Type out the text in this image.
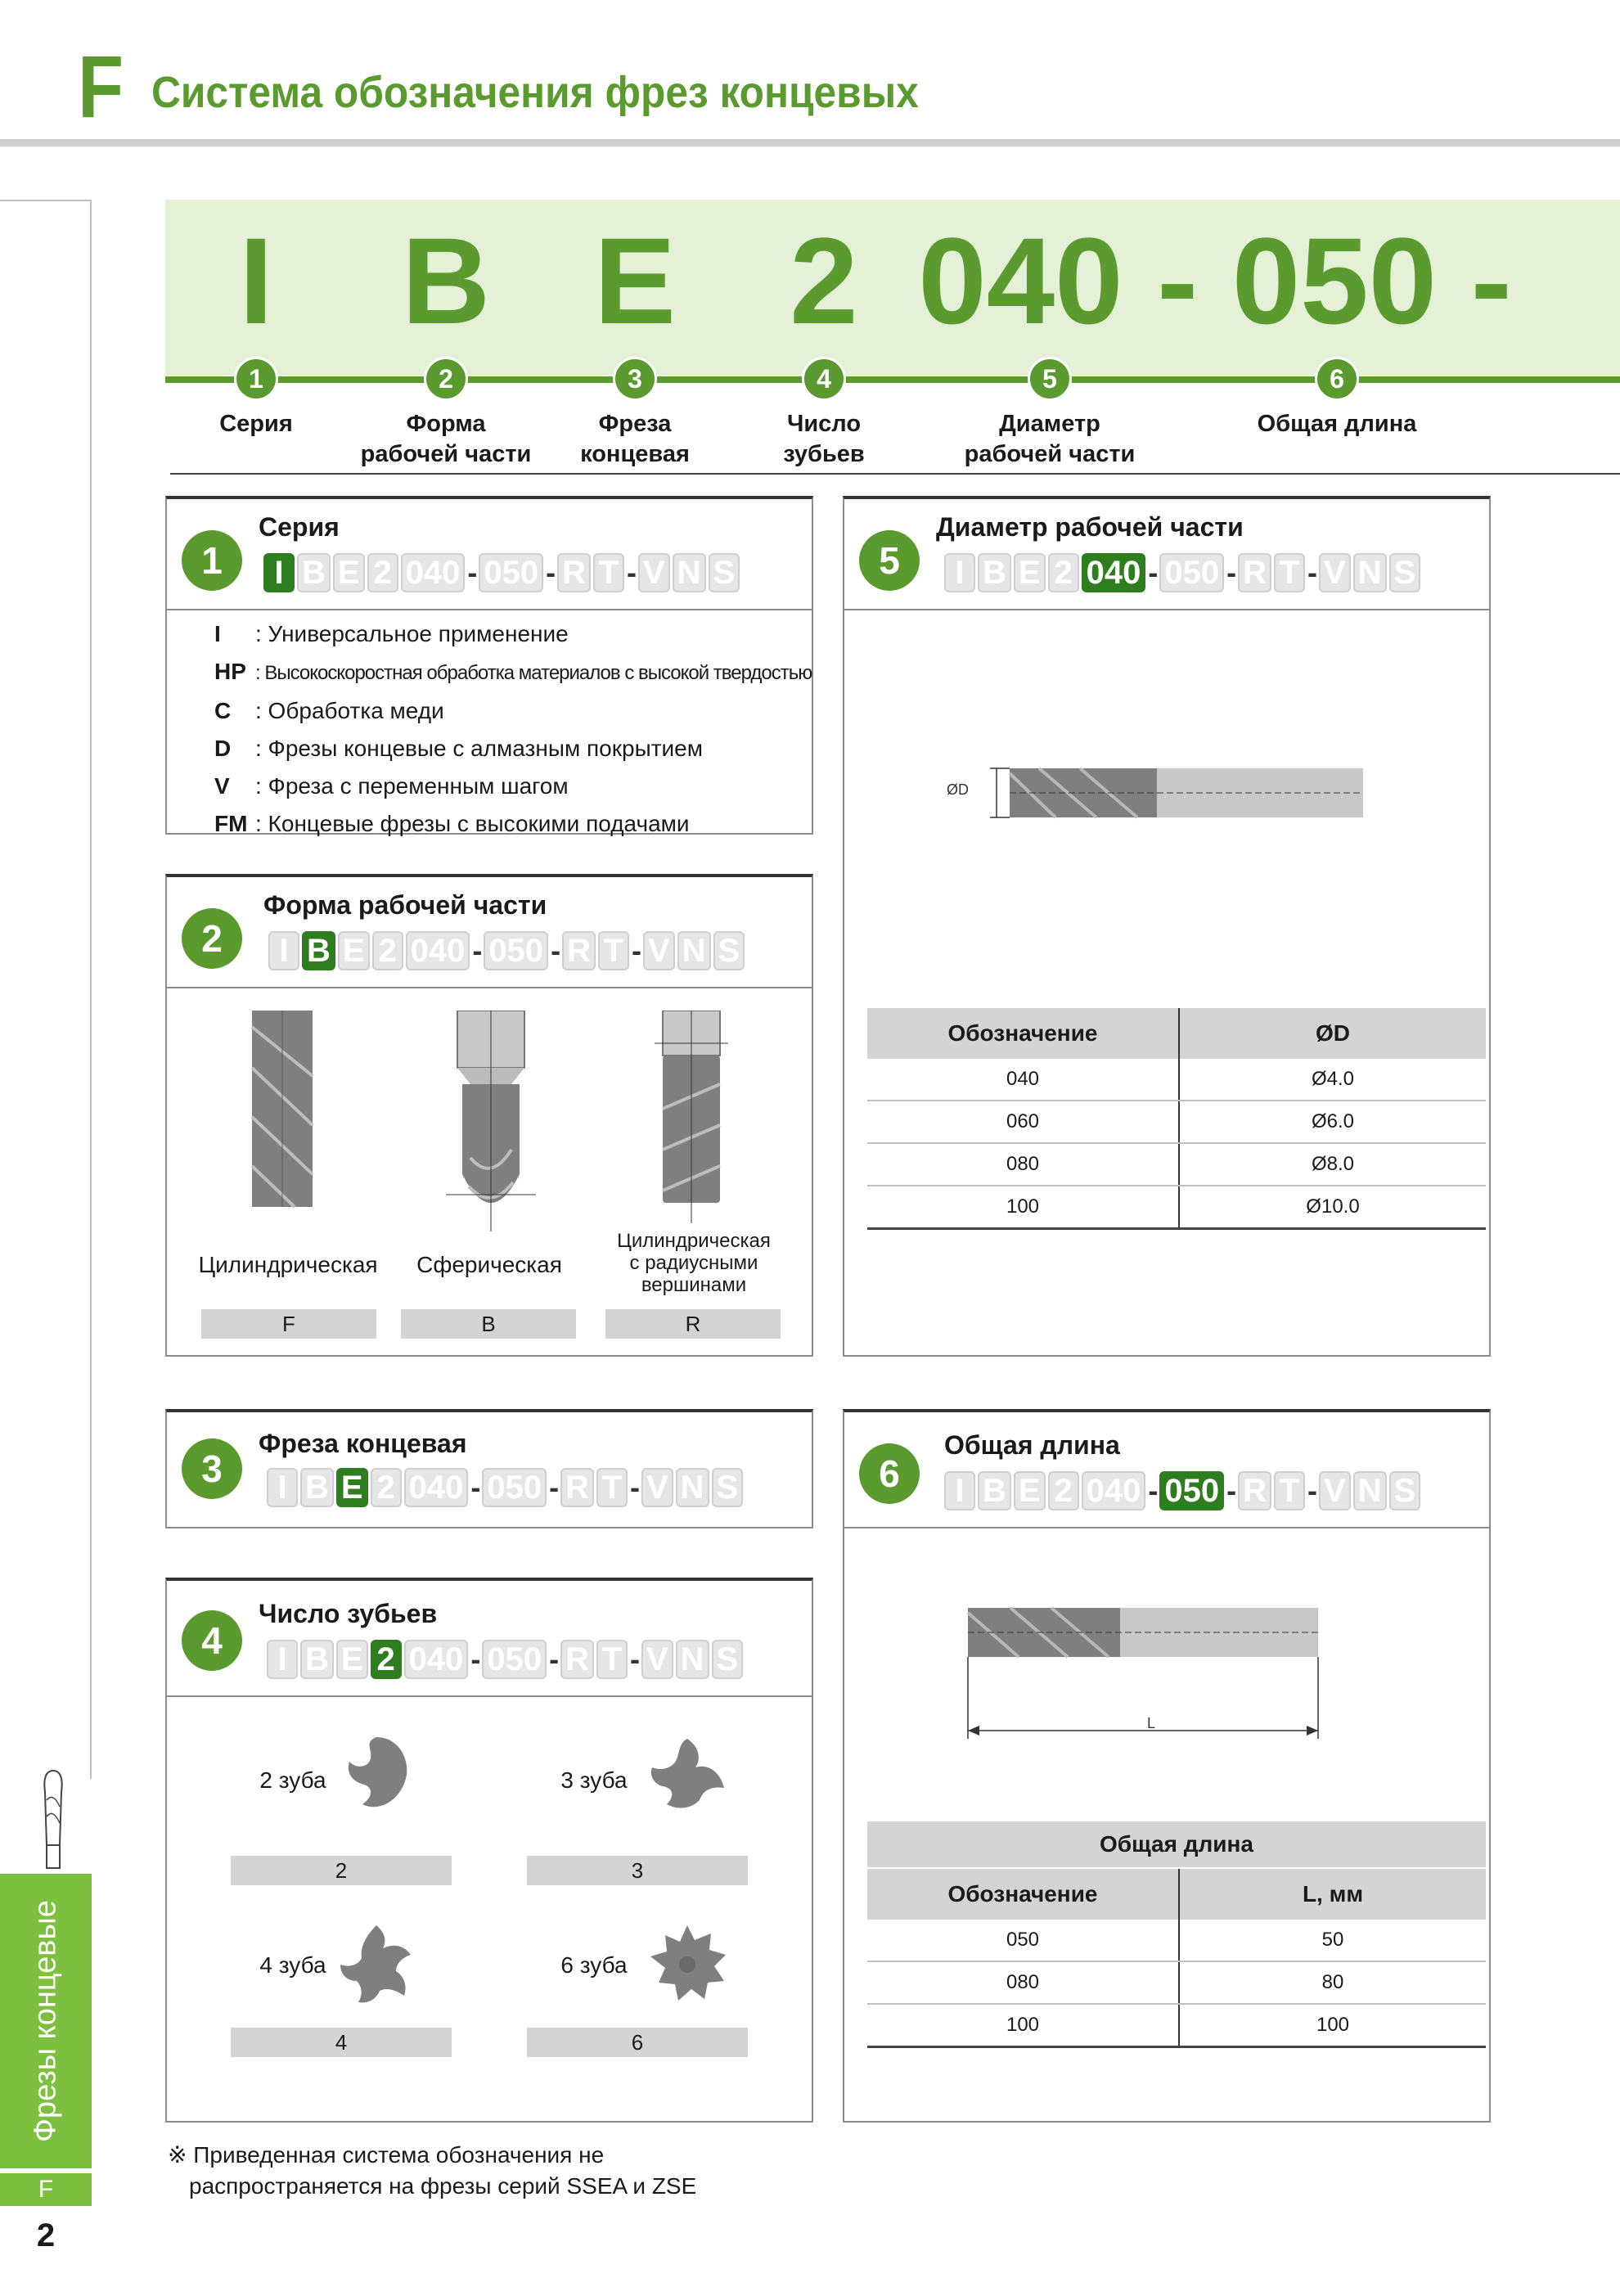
F Система обозначения фрез концевых
Фрезы концевые
F
2
I B E 2 040 - 050 -
1	2	3	4	5	6
Серия	Форма
рабочей части
Фреза
концевая
Число
зубьев
Диаметр
рабочей части
Общая длина
1
Серия
I B E 2 040 - 050 - R T - V N S
I : Универсальное применение
HP : Высокоскоростная обработка материалов с высокой твердостью
C : Обработка меди
D : Фрезы концевые с алмазным покрытием
V : Фреза с переменным шагом
FM : Концевые фрезы с высокими подачами
2
Форма рабочей части
I B E 2 040 - 050 - R T - V N S
Цилиндрическая Сферическая
Цилиндрическая
с радиусными
вершинами
F	B	R
3
Фреза концевая
I B E 2 040 - 050 - R T - V N S
4
Число зубьев
I B E 2 040 - 050 - R T - V N S
2 зуба	3 зуба
4 зуба	6 зуба
2	3
4	6
5
Диаметр рабочей части
I B E 2 040 - 050 - R T - V N S
ØD
Обозначение	ØD
040	Ø4.0
060	Ø6.0
080	Ø8.0
100	Ø10.0
6
Общая длина
I B E 2 040 - 050 - R T - V N S
L
Общая длина
Обозначение	L, мм
050	50
080	80
100	100
※ Приведенная система обозначения не
распространяется на фрезы серий SSEA и ZSE
